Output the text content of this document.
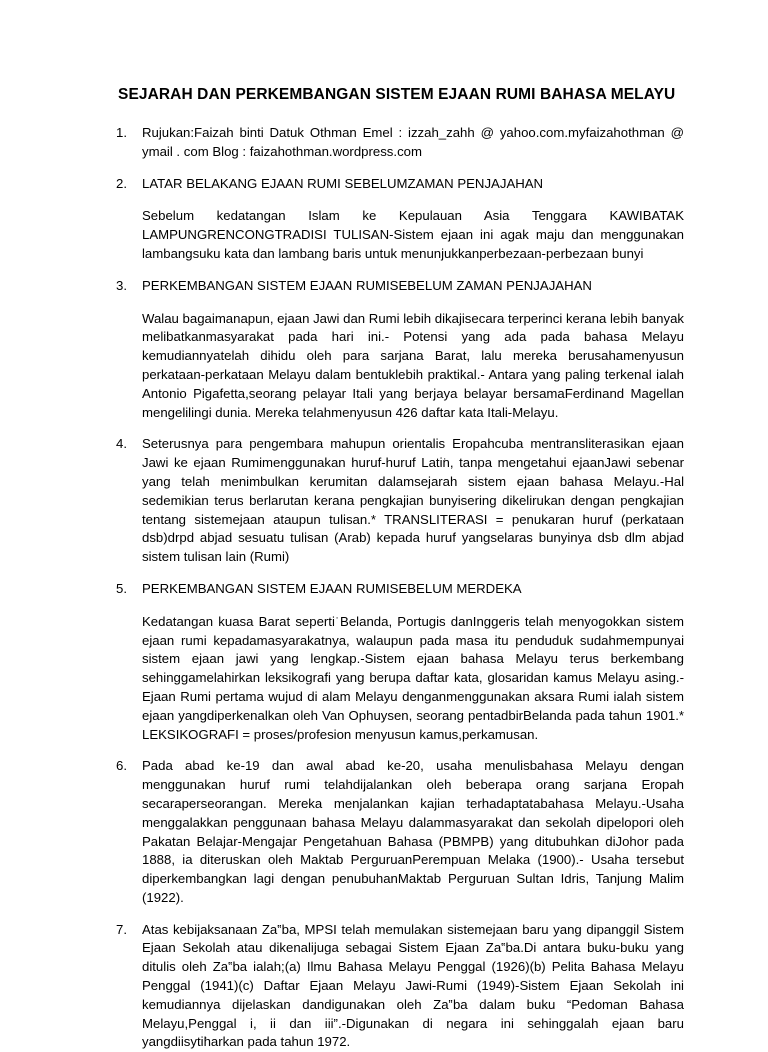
SEJARAH DAN PERKEMBANGAN SISTEM EJAAN RUMI BAHASA MELAYU
1.	Rujukan:Faizah binti Datuk Othman Emel : izzah_zahh @ yahoo.com.myfaizahothman @ ymail . com Blog : faizahothman.wordpress.com
2.	LATAR BELAKANG EJAAN RUMI SEBELUMZAMAN PENJAJAHAN
Sebelum kedatangan Islam ke Kepulauan Asia Tenggara KAWIBATAK LAMPUNGRENCONGTRADISI TULISAN-Sistem ejaan ini agak maju dan menggunakan lambangsuku kata dan lambang baris untuk menunjukkanperbezaan-perbezaan bunyi
3.	PERKEMBANGAN SISTEM EJAAN RUMISEBELUM ZAMAN PENJAJAHAN
Walau bagaimanapun, ejaan Jawi dan Rumi lebih dikajisecara terperinci kerana lebih banyak melibatkanmasyarakat pada hari ini.- Potensi yang ada pada bahasa Melayu kemudiannyatelah dihidu oleh para sarjana Barat, lalu mereka berusahamenyusun perkataan-perkataan Melayu dalam bentuklebih prakti͘kal.- Antara yang paling terkenal ialah Antonio Pigafetta,seorang pelayar Itali yang berjaya belayar bersamaFerdinand Magellan mengelilingi dunia. Mereka telahmenyusun 426 daftar kata Itali-Melayu.
4.	Seterusnya para pengembara mahupun orientalis Eropahcuba mentransliterasikan ejaan Jawi ke ejaan Rumimenggunakan huruf-huruf Lati͘n, tanpa mengetahui ejaanJawi sebenar yang telah menimbulkan kerumitan dalamsejarah sistem ejaan bahasa Melayu.-Hal sedemikian terus berlarutan kerana pengkajian bunyisering dikelirukan dengan pengkajian tentang sistemejaan ataupun tulisan.* TRANSLITERASI = penukaran huruf (perkataan dsb)drpd abjad sesuatu tulisan (Arab) kepada huruf yangselaras bunyinya dsb dlm abjad sistem tulisan lain (Rumi)
5.	PERKEMBANGAN SISTEM EJAAN RUMISEBELUM MERDEKA
Kedatangan kuasa Barat seperti͘ Belanda, Portugis danInggeris telah menyogokkan sistem ejaan rumi kepadamasyarakatnya, walaupun pada masa itu penduduk sudahmempunyai sistem ejaan jawi yang lengkap.-Sistem ejaan bahasa Melayu terus berkembang sehinggamelahirkan leksikografi yang berupa daftar kata, glosaridan kamus Melayu asing.- Ejaan Rumi pertama wujud di alam Melayu denganmenggunakan aksara Rumi ialah sistem ejaan yangdiperkenalkan oleh Van Ophuysen, seorang pentadbirBelanda pada tahun 1901.* LEKSIKOGRAFI = proses/profesion menyusun kamus,perkamusan.
6.	Pada abad ke-19 dan awal abad ke-20, usaha menulisbahasa Melayu dengan menggunakan huruf rumi telahdijalankan oleh beberapa orang sarjana Eropah secaraperseorangan. Mereka menjalankan kajian terhadaptatabahasa Melayu.-Usaha menggalakkan penggunaan bahasa Melayu dalammasyarakat dan sekolah dipelopori oleh Pakatan Belajar-Mengajar Pengetahuan Bahasa (PBMPB) yang ditubuhkan diJohor pada 1888, ia diteruskan oleh Maktab PerguruanPerempuan Melaka (1900).- Usaha tersebut diperkembangkan lagi dengan penubuhanMaktab Perguruan Sultan Idris, Tanjung Malim (1922).
7.	Atas kebijaksanaan Za‟ba, MPSI telah memulakan sistemejaan baru yang dipanggil Sistem Ejaan Sekolah atau dikenalijuga sebagai Sistem Ejaan Za‟ba.Di antara buku-buku yang ditulis oleh Za‟ba ialah;(a) Ilmu Bahasa Melayu Penggal (1926)(b) Pelita Bahasa Melayu Penggal (1941)(c) Daftar Ejaan Melayu Jawi-Rumi (1949)-Sistem Ejaan Sekolah ini kemudiannya dijelaskan dandigunakan oleh Za‟ba dalam buku “Pedoman Bahasa Melayu,Penggal i, ii dan iii”.-Digunakan di negara ini sehinggalah ejaan baru yangdiisyti͘harkan pada tahun 1972.
